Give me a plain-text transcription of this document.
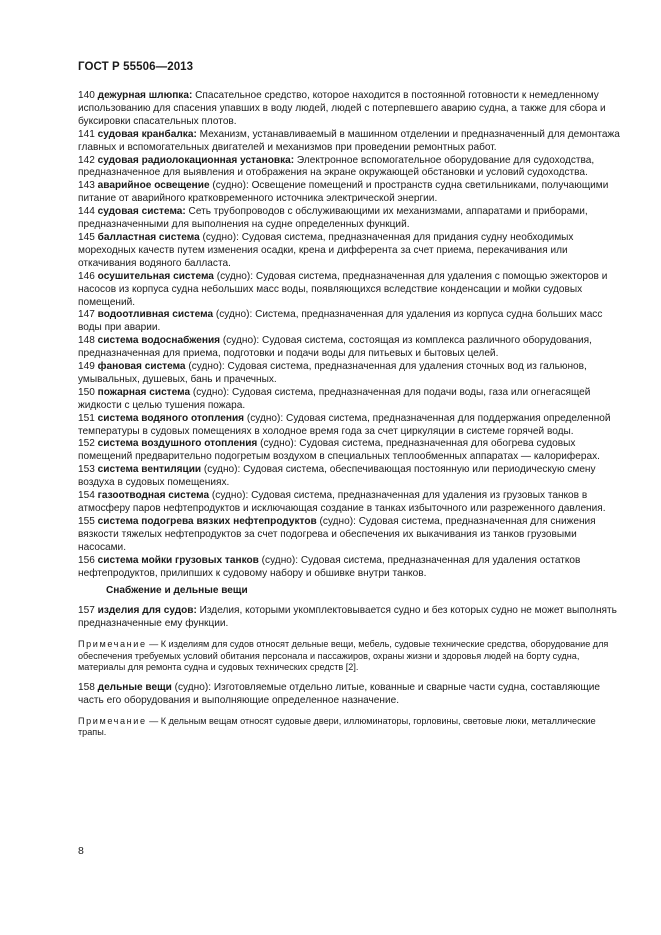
ГОСТ Р 55506—2013

140 дежурная шлюпка: Спасательное средство, которое находится в постоянной готовности к немедленному использованию для спасения упавших в воду людей, людей с потерпевшего аварию судна, а также для сбора и буксировки спасательных плотов.

141 судовая кранбалка: Механизм, устанавливаемый в машинном отделении и предназначенный для демонтажа главных и вспомогательных двигателей и механизмов при проведении ремонтных работ.

142 судовая радиолокационная установка: Электронное вспомогательное оборудование для судоходства, предназначенное для выявления и отображения на экране окружающей обстановки и условий судоходства.

143 аварийное освещение (судно): Освещение помещений и пространств судна светильниками, получающими питание от аварийного кратковременного источника электрической энергии.

144 судовая система: Сеть трубопроводов с обслуживающими их механизмами, аппаратами и приборами, предназначенными для выполнения на судне определенных функций.

145 балластная система (судно): Судовая система, предназначенная для придания судну необходимых мореходных качеств путем изменения осадки, крена и дифферента за счет приема, перекачивания или откачивания водяного балласта.

146 осушительная система (судно): Судовая система, предназначенная для удаления с помощью эжекторов и насосов из корпуса судна небольших масс воды, появляющихся вследствие конденсации и мойки судовых помещений.

147 водоотливная система (судно): Система, предназначенная для удаления из корпуса судна больших масс воды при аварии.

148 система водоснабжения (судно): Судовая система, состоящая из комплекса различного оборудования, предназначенная для приема, подготовки и подачи воды для питьевых и бытовых целей.

149 фановая система (судно): Судовая система, предназначенная для удаления сточных вод из гальюнов, умывальных, душевых, бань и прачечных.

150 пожарная система (судно): Судовая система, предназначенная для подачи воды, газа или огнегасящей жидкости с целью тушения пожара.

151 система водяного отопления (судно): Судовая система, предназначенная для поддержания определенной температуры в судовых помещениях в холодное время года за счет циркуляции в системе горячей воды.

152 система воздушного отопления (судно): Судовая система, предназначенная для обогрева судовых помещений предварительно подогретым воздухом в специальных теплообменных аппаратах — калориферах.

153 система вентиляции (судно): Судовая система, обеспечивающая постоянную или периодическую смену воздуха в судовых помещениях.

154 газоотводная система (судно): Судовая система, предназначенная для удаления из грузовых танков в атмосферу паров нефтепродуктов и исключающая создание в танках избыточного или разреженного давления.

155 система подогрева вязких нефтепродуктов (судно): Судовая система, предназначенная для снижения вязкости тяжелых нефтепродуктов за счет подогрева и обеспечения их выкачивания из танков грузовыми насосами.

156 система мойки грузовых танков (судно): Судовая система, предназначенная для удаления остатков нефтепродуктов, прилипших к судовому набору и обшивке внутри танков.

Снабжение и дельные вещи

157 изделия для судов: Изделия, которыми укомплектовывается судно и без которых судно не может выполнять предназначенные ему функции.

Примечание — К изделиям для судов относят дельные вещи, мебель, судовые технические средства, оборудование для обеспечения требуемых условий обитания персонала и пассажиров, охраны жизни и здоровья людей на борту судна, материалы для ремонта судна и судовых технических средств [2].

158 дельные вещи (судно): Изготовляемые отдельно литые, кованные и сварные части судна, составляющие часть его оборудования и выполняющие определенное назначение.

Примечание — К дельным вещам относят судовые двери, иллюминаторы, горловины, световые люки, металлические трапы.

8
